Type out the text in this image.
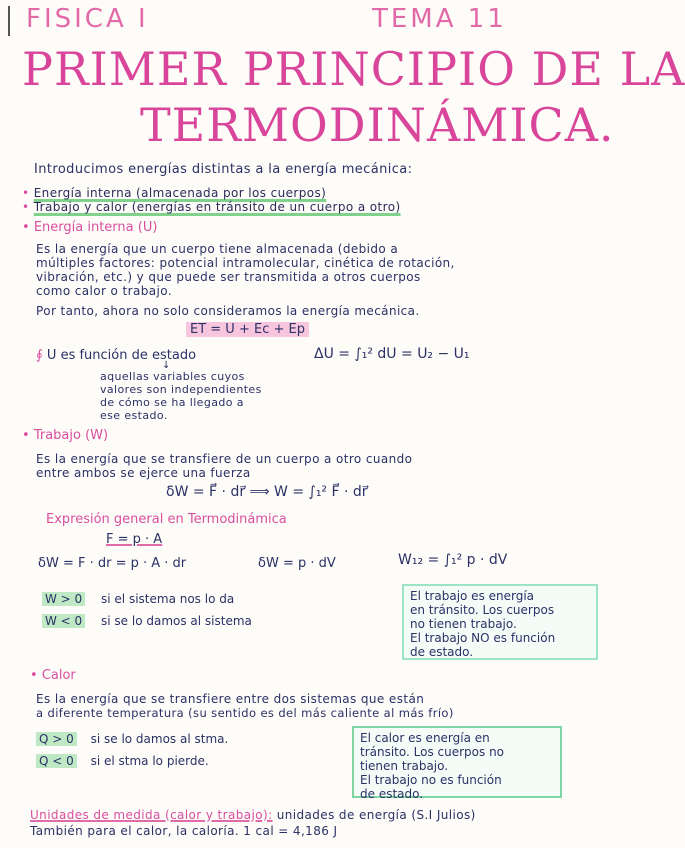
FISICA I	TEMA 11
PRIMER PRINCIPIO DE LA
TERMODINÁMICA.
Introducimos energías distintas a la energía mecánica:
• Energía interna (almacenada por los cuerpos)
• Trabajo y calor (energías en tránsito de un cuerpo a otro)
• Energía interna (U)
Es la energía que un cuerpo tiene almacenada (debido a
múltiples factores: potencial intramolecular, cinética de rotación,
vibración, etc.) y que puede ser transmitida a otros cuerpos
como calor o trabajo.
Por tanto, ahora no solo consideramos la energía mecánica.
ET = U + Ec + Ep
∮ U es función de estado	ΔU = ∫₁² dU = U₂ − U₁
↓
aquellas variables cuyos
valores son independientes
de cómo se ha llegado a
ese estado.
• Trabajo (W)
Es la energía que se transfiere de un cuerpo a otro cuando
entre ambos se ejerce una fuerza
δW = F⃗ · dr⃗ ⟹ W = ∫₁² F⃗ · dr⃗
Expresión general en Termodinámica
F = p · A
δW = F · dr = p · A · dr	δW = p · dV	W₁₂ = ∫₁² p · dV
W > 0 si el sistema nos lo da
W < 0 si se lo damos al sistema
El trabajo es energía
en tránsito. Los cuerpos
no tienen trabajo.
El trabajo NO es función
de estado.
• Calor
Es la energía que se transfiere entre dos sistemas que están
a diferente temperatura (su sentido es del más caliente al más frío)
Q > 0 si se lo damos al stma.
Q < 0 si el stma lo pierde.
El calor es energía en
tránsito. Los cuerpos no
tienen trabajo.
El trabajo no es función
de estado.
Unidades de medida (calor y trabajo): unidades de energía (S.I Julios)
También para el calor, la caloría. 1 cal = 4,186 J
